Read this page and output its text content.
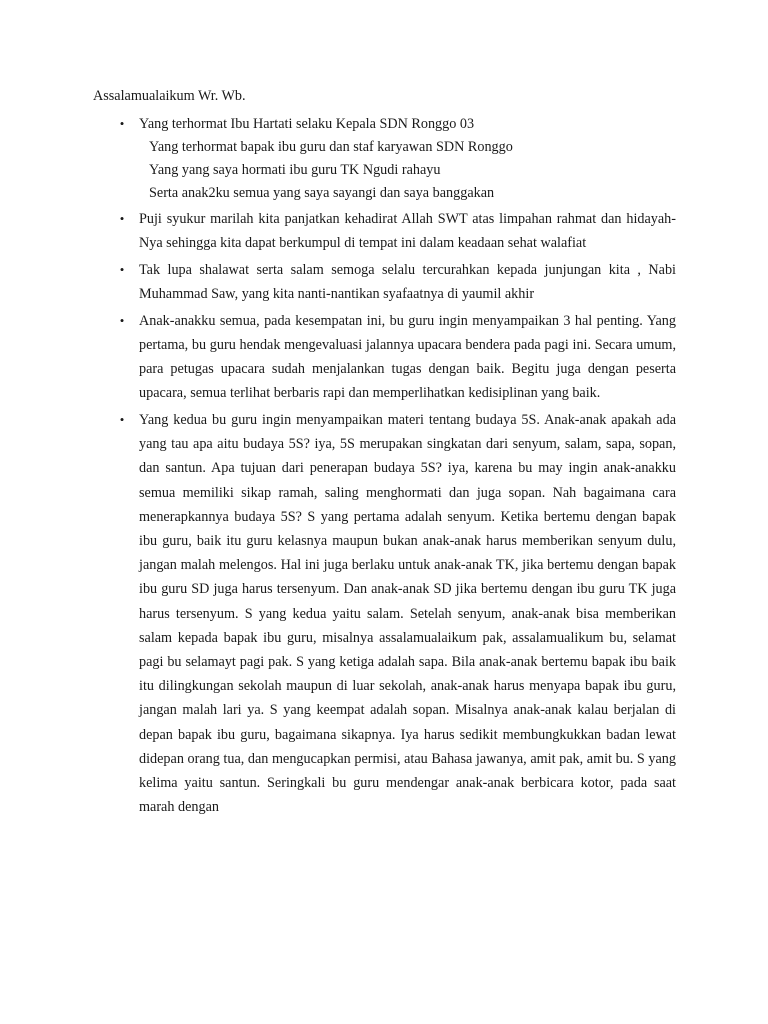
Assalamualaikum Wr. Wb.
• Yang terhormat Ibu Hartati selaku Kepala SDN Ronggo 03
Yang terhormat bapak ibu guru dan staf karyawan SDN Ronggo
Yang yang saya hormati ibu guru TK Ngudi rahayu
Serta anak2ku semua yang saya sayangi dan saya banggakan
• Puji syukur marilah kita panjatkan kehadirat Allah SWT atas limpahan rahmat dan hidayah-Nya sehingga kita dapat berkumpul di tempat ini dalam keadaan sehat walafiat
• Tak lupa shalawat serta salam semoga selalu tercurahkan kepada junjungan kita , Nabi Muhammad Saw, yang kita nanti-nantikan syafaatnya di yaumil akhir
• Anak-anakku semua, pada kesempatan ini, bu guru ingin menyampaikan 3 hal penting. Yang pertama, bu guru hendak mengevaluasi jalannya upacara bendera pada pagi ini. Secara umum, para petugas upacara sudah menjalankan tugas dengan baik. Begitu juga dengan peserta upacara, semua terlihat berbaris rapi dan memperlihatkan kedisiplinan yang baik.
• Yang kedua bu guru ingin menyampaikan materi tentang budaya 5S. Anak-anak apakah ada yang tau apa aitu budaya 5S? iya, 5S merupakan singkatan dari senyum, salam, sapa, sopan, dan santun. Apa tujuan dari penerapan budaya 5S? iya, karena bu may ingin anak-anakku semua memiliki sikap ramah, saling menghormati dan juga sopan. Nah bagaimana cara menerapkannya budaya 5S? S yang pertama adalah senyum. Ketika bertemu dengan bapak ibu guru, baik itu guru kelasnya maupun bukan anak-anak harus memberikan senyum dulu, jangan malah melengos. Hal ini juga berlaku untuk anak-anak TK, jika bertemu dengan bapak ibu guru SD juga harus tersenyum. Dan anak-anak SD jika bertemu dengan ibu guru TK juga harus tersenyum. S yang kedua yaitu salam. Setelah senyum, anak-anak bisa memberikan salam kepada bapak ibu guru, misalnya assalamualaikum pak, assalamualikum bu, selamat pagi bu selamayt pagi pak. S yang ketiga adalah sapa. Bila anak-anak bertemu bapak ibu baik itu dilingkungan sekolah maupun di luar sekolah, anak-anak harus menyapa bapak ibu guru, jangan malah lari ya. S yang keempat adalah sopan. Misalnya anak-anak kalau berjalan di depan bapak ibu guru, bagaimana sikapnya. Iya harus sedikit membungkukkan badan lewat didepan orang tua, dan mengucapkan permisi, atau Bahasa jawanya, amit pak, amit bu. S yang kelima yaitu santun. Seringkali bu guru mendengar anak-anak berbicara kotor, pada saat marah dengan
